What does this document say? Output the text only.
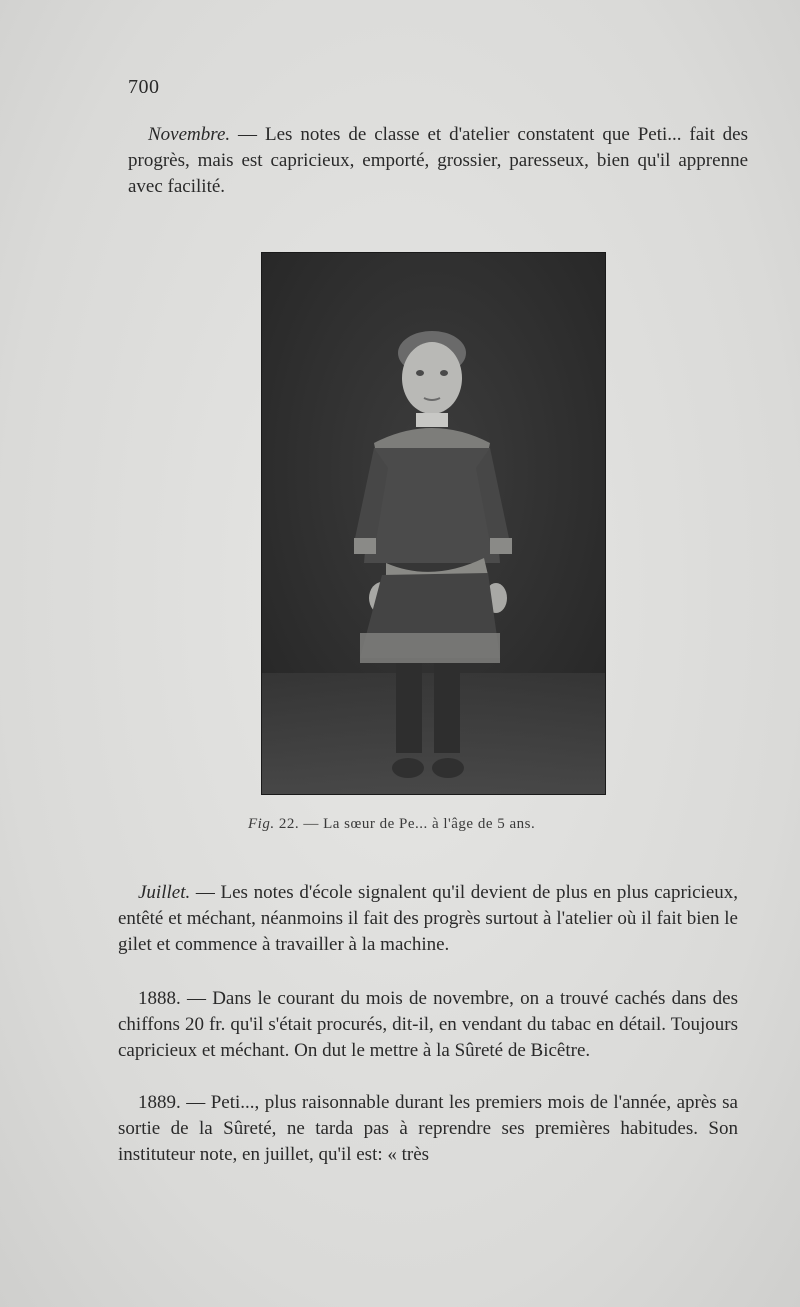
700
Novembre. — Les notes de classe et d'atelier constatent que Peti... fait des progrès, mais est capricieux, emporté, grossier, paresseux, bien qu'il apprenne avec facilité.
Fig. 22. — La sœur de Pe... à l'âge de 5 ans.
Juillet. — Les notes d'école signalent qu'il devient de plus en plus capricieux, entêté et méchant, néanmoins il fait des progrès surtout à l'atelier où il fait bien le gilet et commence à travailler à la machine.
1888. — Dans le courant du mois de novembre, on a trouvé cachés dans des chiffons 20 fr. qu'il s'était procurés, dit-il, en vendant du tabac en détail. Toujours capricieux et méchant. On dut le mettre à la Sûreté de Bicêtre.
1889. — Peti..., plus raisonnable durant les premiers mois de l'année, après sa sortie de la Sûreté, ne tarda pas à reprendre ses premières habitudes. Son instituteur note, en juillet, qu'il est: « très
